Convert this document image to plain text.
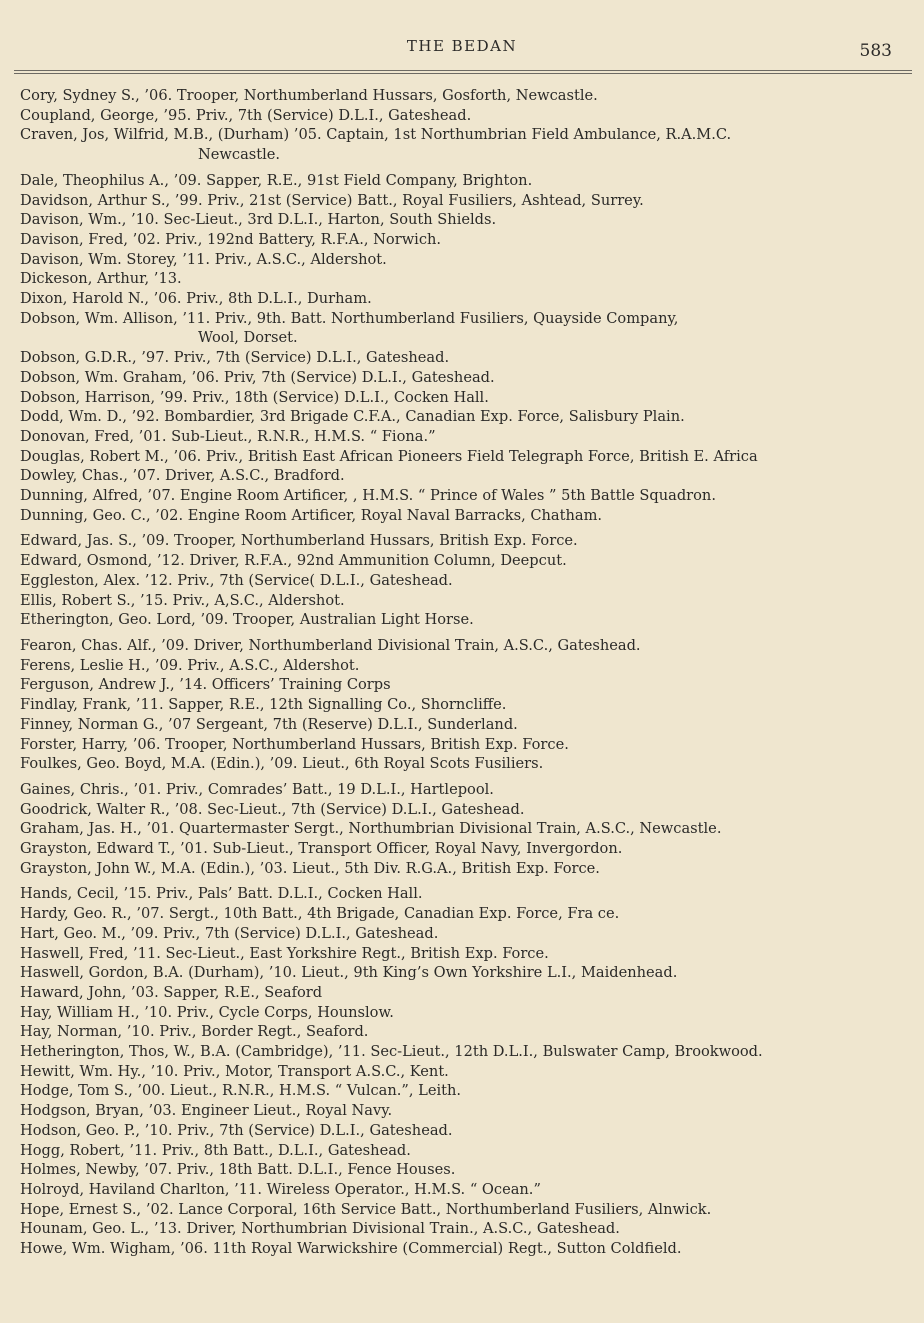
THE BEDAN	583
Cory, Sydney S., ’06. Trooper, Northumberland Hussars, Gosforth, Newcastle.
Coupland, George, ’95. Priv., 7th (Service) D.L.I., Gateshead.
Craven, Jos, Wilfrid, M.B., (Durham) ’05. Captain, 1st Northumbrian Field Ambulance, R.A.M.C.
Newcastle.
Dale, Theophilus A., ’09. Sapper, R.E., 91st Field Company, Brighton.
Davidson, Arthur S., ’99. Priv., 21st (Service) Batt., Royal Fusiliers, Ashtead, Surrey.
Davison, Wm., ’10. Sec-Lieut., 3rd D.L.I., Harton, South Shields.
Davison, Fred, ’02. Priv., 192nd Battery, R.F.A., Norwich.
Davison, Wm. Storey, ’11. Priv., A.S.C., Aldershot.
Dickeson, Arthur, ’13.
Dixon, Harold N., ’06. Priv., 8th D.L.I., Durham.
Dobson, Wm. Allison, ’11. Priv., 9th. Batt. Northumberland Fusiliers, Quayside Company,
Wool, Dorset.
Dobson, G.D.R., ’97. Priv., 7th (Service) D.L.I., Gateshead.
Dobson, Wm. Graham, ’06. Priv, 7th (Service) D.L.I., Gateshead.
Dobson, Harrison, ’99. Priv., 18th (Service) D.L.I., Cocken Hall.
Dodd, Wm. D., ’92. Bombardier, 3rd Brigade C.F.A., Canadian Exp. Force, Salisbury Plain.
Donovan, Fred, ’01. Sub-Lieut., R.N.R., H.M.S. “ Fiona.”
Douglas, Robert M., ’06. Priv., British East African Pioneers Field Telegraph Force, British E. Africa
Dowley, Chas., ’07. Driver, A.S.C., Bradford.
Dunning, Alfred, ’07. Engine Room Artificer, , H.M.S. “ Prince of Wales ” 5th Battle Squadron.
Dunning, Geo. C., ’02. Engine Room Artificer, Royal Naval Barracks, Chatham.
Edward, Jas. S., ’09. Trooper, Northumberland Hussars, British Exp. Force.
Edward, Osmond, ’12. Driver, R.F.A., 92nd Ammunition Column, Deepcut.
Eggleston, Alex. ’12. Priv., 7th (Service( D.L.I., Gateshead.
Ellis, Robert S., ’15. Priv., A,S.C., Aldershot.
Etherington, Geo. Lord, ’09. Trooper, Australian Light Horse.
Fearon, Chas. Alf., ’09. Driver, Northumberland Divisional Train, A.S.C., Gateshead.
Ferens, Leslie H., ’09. Priv., A.S.C., Aldershot.
Ferguson, Andrew J., ’14. Officers’ Training Corps
Findlay, Frank, ’11. Sapper, R.E., 12th Signalling Co., Shorncliffe.
Finney, Norman G., ’07 Sergeant, 7th (Reserve) D.L.I., Sunderland.
Forster, Harry, ’06. Trooper, Northumberland Hussars, British Exp. Force.
Foulkes, Geo. Boyd, M.A. (Edin.), ’09. Lieut., 6th Royal Scots Fusiliers.
Gaines, Chris., ’01. Priv., Comrades’ Batt., 19 D.L.I., Hartlepool.
Goodrick, Walter R., ’08. Sec-Lieut., 7th (Service) D.L.I., Gateshead.
Graham, Jas. H., ’01. Quartermaster Sergt., Northumbrian Divisional Train, A.S.C., Newcastle.
Grayston, Edward T., ’01. Sub-Lieut., Transport Officer, Royal Navy, Invergordon.
Grayston, John W., M.A. (Edin.), ’03. Lieut., 5th Div. R.G.A., British Exp. Force.
Hands, Cecil, ’15. Priv., Pals’ Batt. D.L.I., Cocken Hall.
Hardy, Geo. R., ’07. Sergt., 10th Batt., 4th Brigade, Canadian Exp. Force, Fra ce.
Hart, Geo. M., ’09. Priv., 7th (Service) D.L.I., Gateshead.
Haswell, Fred, ’11. Sec-Lieut., East Yorkshire Regt., British Exp. Force.
Haswell, Gordon, B.A. (Durham), ’10. Lieut., 9th King’s Own Yorkshire L.I., Maidenhead.
Haward, John, ’03. Sapper, R.E., Seaford
Hay, William H., ’10. Priv., Cycle Corps, Hounslow.
Hay, Norman, ’10. Priv., Border Regt., Seaford.
Hetherington, Thos, W., B.A. (Cambridge), ’11. Sec-Lieut., 12th D.L.I., Bulswater Camp, Brookwood.
Hewitt, Wm. Hy., ’10. Priv., Motor, Transport A.S.C., Kent.
Hodge, Tom S., ’00. Lieut., R.N.R., H.M.S. “ Vulcan.”, Leith.
Hodgson, Bryan, ’03. Engineer Lieut., Royal Navy.
Hodson, Geo. P., ’10. Priv., 7th (Service) D.L.I., Gateshead.
Hogg, Robert, ’11. Priv., 8th Batt., D.L.I., Gateshead.
Holmes, Newby, ’07. Priv., 18th Batt. D.L.I., Fence Houses.
Holroyd, Haviland Charlton, ’11. Wireless Operator., H.M.S. “ Ocean.”
Hope, Ernest S., ’02. Lance Corporal, 16th Service Batt., Northumberland Fusiliers, Alnwick.
Hounam, Geo. L., ’13. Driver, Northumbrian Divisional Train., A.S.C., Gateshead.
Howe, Wm. Wigham, ’06. 11th Royal Warwickshire (Commercial) Regt., Sutton Coldfield.
